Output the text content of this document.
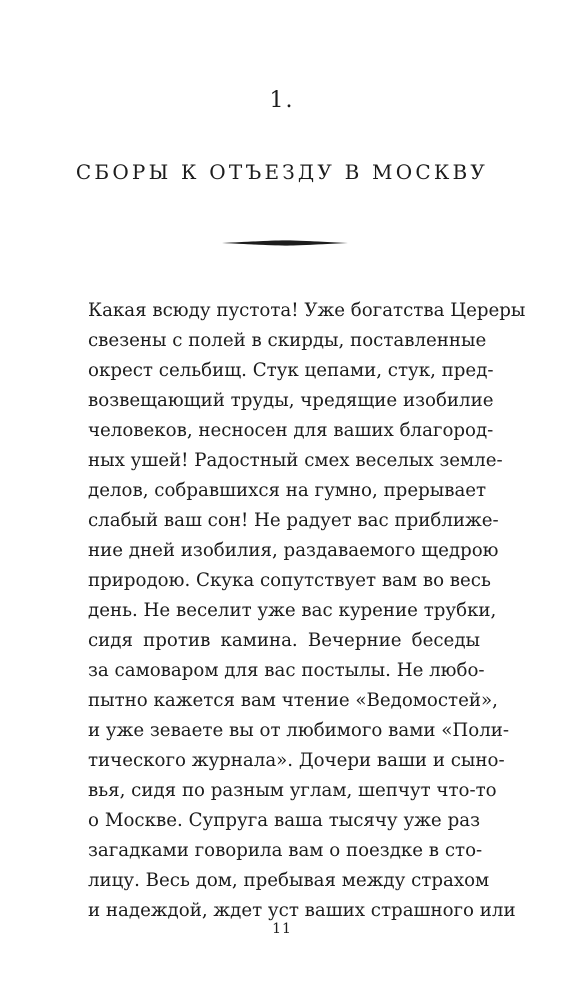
1.
СБОРЫ К ОТЪЕЗДУ В МОСКВУ
Какая всюду пустота! Уже богатства Цереры
свезены с полей в скирды, поставленные
окрест сельбищ. Стук цепами, стук, пред-
возвещающий труды, чредящие изобилие
человеков, несносен для ваших благород-
ных ушей! Радостный смех веселых земле-
делов, собравшихся на гумно, прерывает
слабый ваш сон! Не радует вас приближе-
ние дней изобилия, раздаваемого щедрою
природою. Скука сопутствует вам во весь
день. Не веселит уже вас курение трубки,
сидя против камина. Вечерние беседы
за самоваром для вас постылы. Не любо-
пытно кажется вам чтение «Ведомостей»,
и уже зеваете вы от любимого вами «Поли-
тического журнала». Дочери ваши и сыно-
вья, сидя по разным углам, шепчут что-то
о Москве. Супруга ваша тысячу уже раз
загадками говорила вам о поездке в сто-
лицу. Весь дом, пребывая между страхом
и надеждой, ждет уст ваших страшного или
11
